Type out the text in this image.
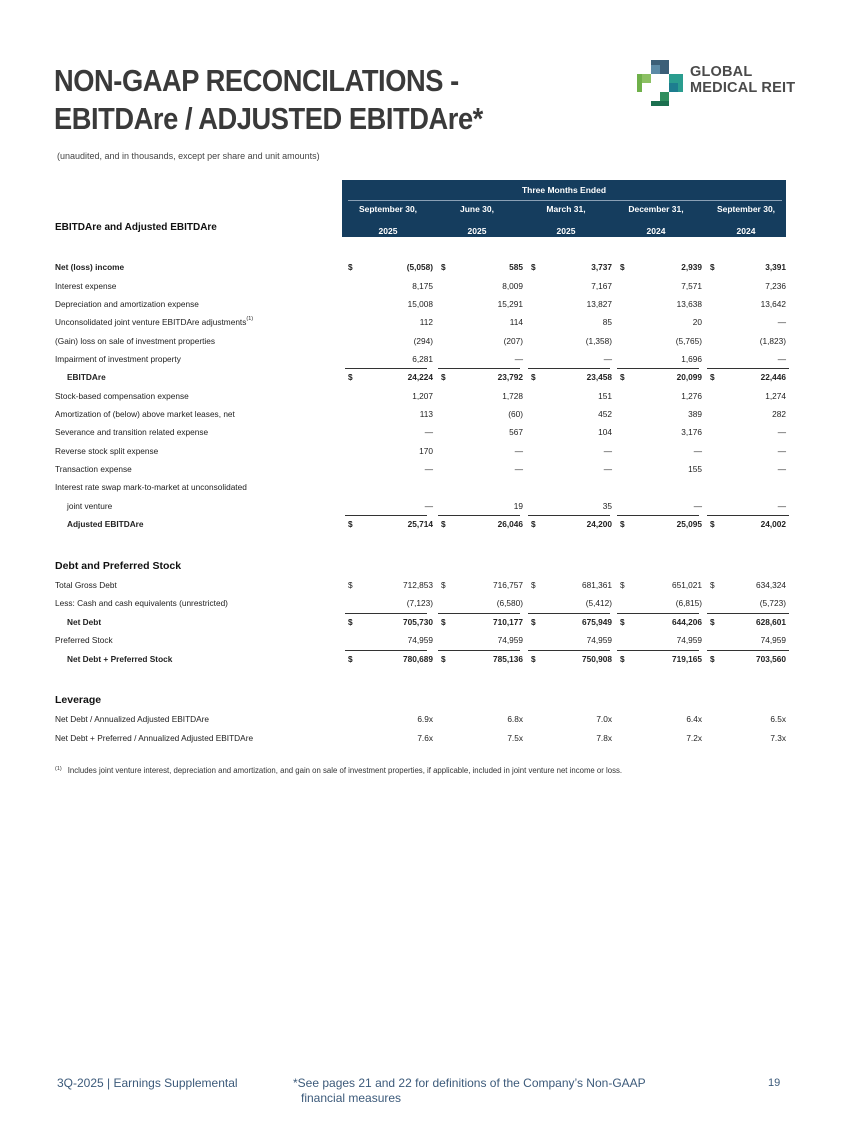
NON-GAAP RECONCILATIONS -
EBITDAre / ADJUSTED EBITDAre*
(unaudited, and in thousands, except per share and unit amounts)
GLOBAL
MEDICAL REIT
Three Months Ended
September 30,
2025
June 30,
2025
March 31,
2025
December 31,
2024
September 30,
2024
EBITDAre and Adjusted EBITDAre
Net (loss) income	$	(5,058) $	585 $	3,737 $	2,939 $	3,391
Interest expense	8,175	8,009	7,167	7,571	7,236
Depreciation and amortization expense	15,008	15,291	13,827	13,638	13,642
Unconsolidated joint venture EBITDAre adjustments$^{(1)}$	112	114	85	20	—
(Gain) loss on sale of investment properties	(294)	(207)	(1,358)	(5,765)	(1,823)
Impairment of investment property	6,281	—	—	1,696	—
EBITDAre	$	24,224 $	23,792 $	23,458 $	20,099 $	22,446
Stock-based compensation expense	1,207	1,728	151	1,276	1,274
Amortization of (below) above market leases, net	113	(60)	452	389	282
Severance and transition related expense	—	567	104	3,176	—
Reverse stock split expense	170	—	—	—	—
Transaction expense	—	—	—	155	—
Interest rate swap mark-to-market at unconsolidated
joint venture	—	19	35	—	—
Adjusted EBITDAre	$	25,714 $	26,046 $	24,200 $	25,095 $	24,002
Debt and Preferred Stock
Total Gross Debt	$	712,853 $	716,757 $	681,361 $	651,021 $	634,324
Less: Cash and cash equivalents (unrestricted)	(7,123)	(6,580)	(5,412)	(6,815)	(5,723)
Net Debt	$	705,730 $	710,177 $	675,949 $	644,206 $	628,601
Preferred Stock	74,959	74,959	74,959	74,959	74,959
Net Debt + Preferred Stock	$	780,689 $	785,136 $	750,908 $	719,165 $	703,560
Leverage
Net Debt / Annualized Adjusted EBITDAre	6.9x	6.8x	7.0x	6.4x	6.5x
Net Debt + Preferred / Annualized Adjusted EBITDAre	7.6x	7.5x	7.8x	7.2x	7.3x
$^{(1)}$ Includes joint venture interest, depreciation and amortization, and gain on sale of investment properties, if applicable, included in joint venture net income or loss.
3Q-2025 | Earnings Supplemental	*See pages 21 and 22 for definitions of the Company’s Non-GAAP
financial measures
19
